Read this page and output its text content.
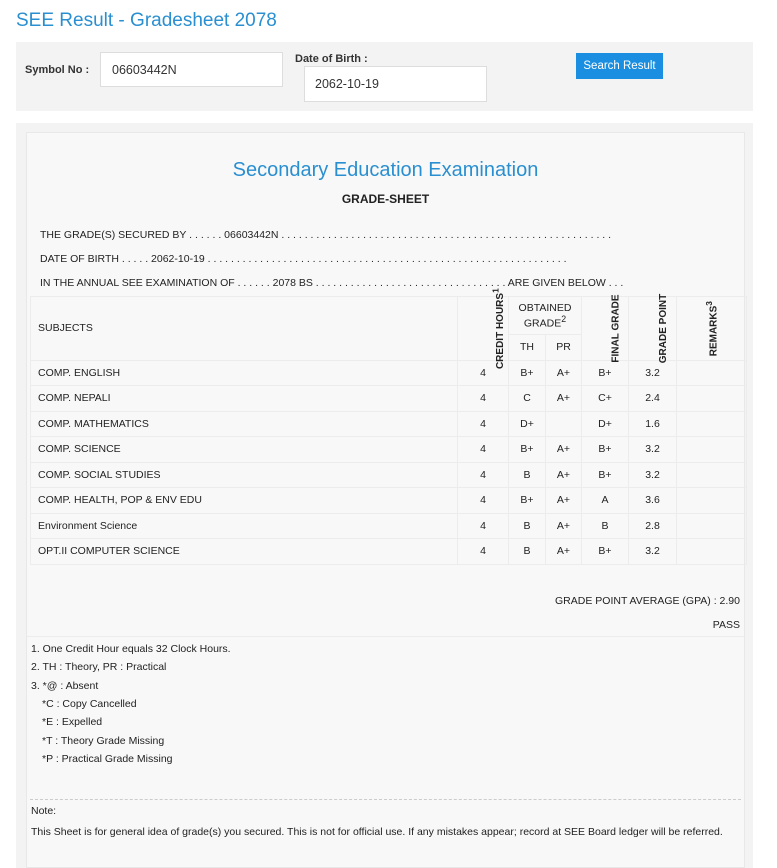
SEE Result - Gradesheet 2078
Symbol No :
06603442N
Date of Birth :
2062-10-19
Search Result
Secondary Education Examination
GRADE-SHEET
THE GRADE(S) SECURED BY . . . . . . 06603442N . . . . . . . . . . . . . . . . . . . . . . . . . . . . . . . . . . . . . . . . . . . . . . . . . . . . . . . . .
DATE OF BIRTH . . . . . 2062-10-19 . . . . . . . . . . . . . . . . . . . . . . . . . . . . . . . . . . . . . . . . . . . . . . . . . . . . . . . . . . . . . .
IN THE ANNUAL SEE EXAMINATION OF . . . . . . 2078 BS . . . . . . . . . . . . . . . . . . . . . . . . . . . . . . . . . ARE GIVEN BELOW . . .
SUBJECTS	CREDIT HOURS$^1$	OBTAINED GRADE$^2$		FINAL GRADE	GRADE POINT	REMARKS$^3$
		TH	PR			
COMP. ENGLISH	4	B+	A+	B+	3.2	
COMP. NEPALI	4	C	A+	C+	2.4	
COMP. MATHEMATICS	4	D+		D+	1.6	
COMP. SCIENCE	4	B+	A+	B+	3.2	
COMP. SOCIAL STUDIES	4	B	A+	B+	3.2	
COMP. HEALTH, POP & ENV EDU	4	B+	A+	A	3.6	
Environment Science	4	B	A+	B	2.8	
OPT.II COMPUTER SCIENCE	4	B	A+	B+	3.2	
GRADE POINT AVERAGE (GPA) : 2.90
PASS
1. One Credit Hour equals 32 Clock Hours.
2. TH : Theory, PR : Practical
3. *@ : Absent
*C : Copy Cancelled
*E : Expelled
*T : Theory Grade Missing
*P : Practical Grade Missing
Note:
This Sheet is for general idea of grade(s) you secured. This is not for official use. If any mistakes appear; record at SEE Board ledger will be referred.
